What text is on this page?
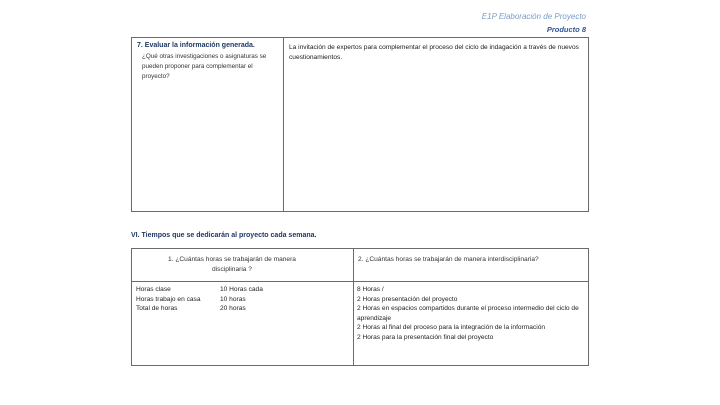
E1P Elaboración de Proyecto
Producto 8
7. Evaluar la información generada.
¿Qué otras investigaciones o asignaturas se pueden proponer para complementar el proyecto?
La invitación de expertos para complementar el proceso del ciclo de indagación a través de nuevos cuestionamientos.
VI. Tiempos que se dedicarán al proyecto cada semana.
1. ¿Cuántas horas se trabajarán de manera disciplinaria ?
2. ¿Cuántas horas se trabajarán de manera interdisciplinaria?
Horas clase	10 Horas cada
Horas trabajo en casa	10 horas
Total de horas	20 horas
8 Horas /
2 Horas presentación del proyecto
2 Horas en espacios compartidos durante el proceso intermedio del ciclo de aprendizaje
2 Horas al final del proceso para la integración de la información
2 Horas para la presentación final del proyecto
